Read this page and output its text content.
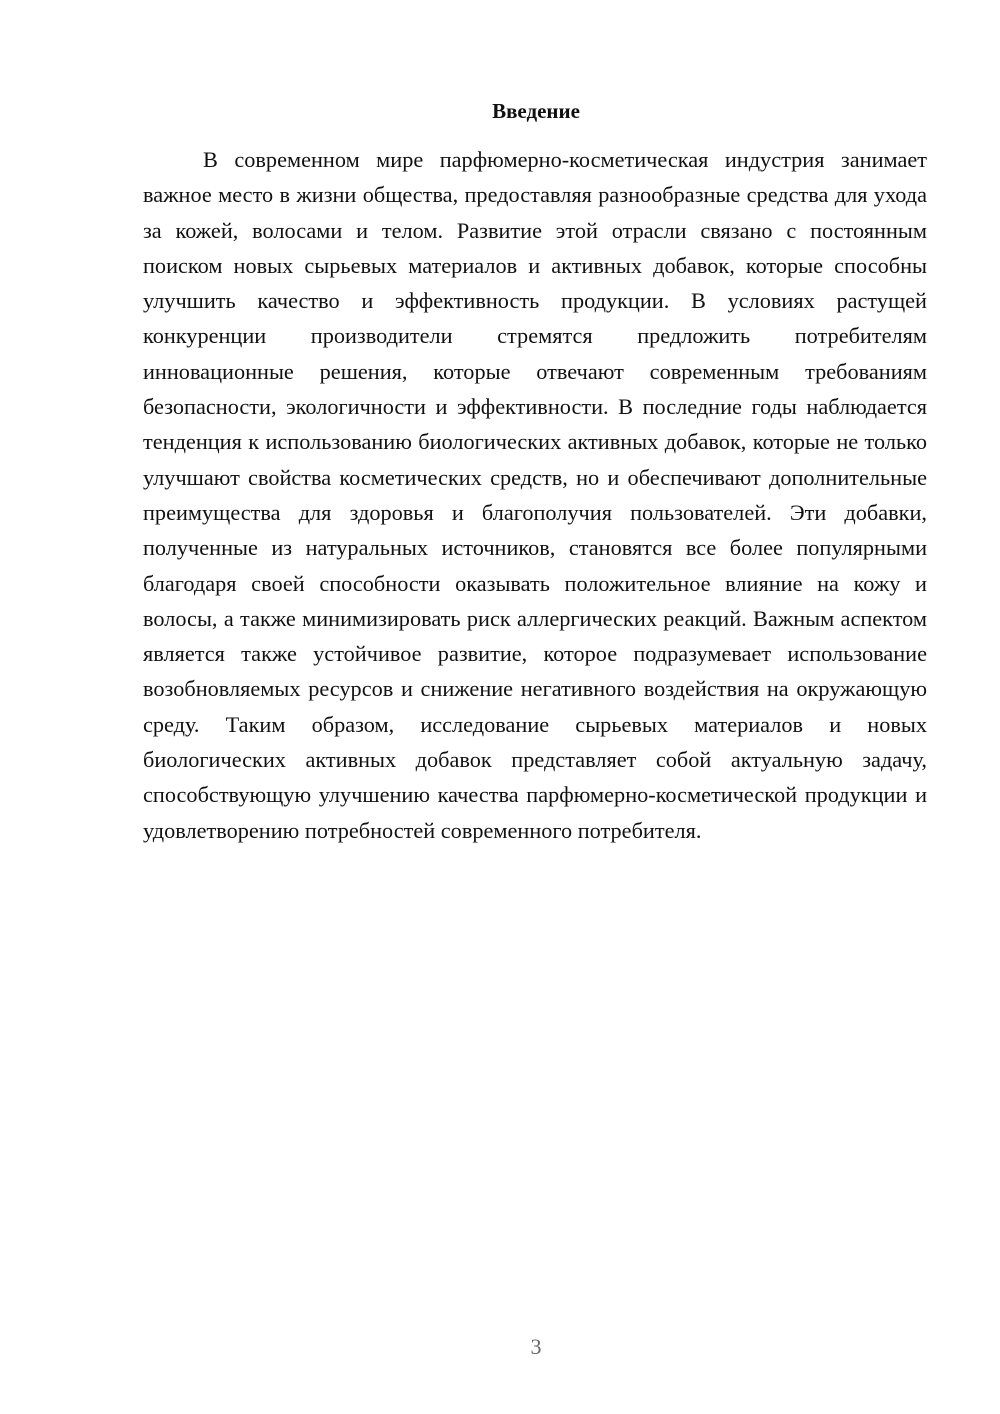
Введение

В современном мире парфюмерно-косметическая индустрия занимает важное место в жизни общества, предоставляя разнообразные средства для ухода за кожей, волосами и телом. Развитие этой отрасли связано с постоянным поиском новых сырьевых материалов и активных добавок, которые способны улучшить качество и эффективность продукции. В условиях растущей конкуренции производители стремятся предложить потребителям инновационные решения, которые отвечают современным требованиям безопасности, экологичности и эффективности. В последние годы наблюдается тенденция к использованию биологических активных добавок, которые не только улучшают свойства косметических средств, но и обеспечивают дополнительные преимущества для здоровья и благополучия пользователей. Эти добавки, полученные из натуральных источников, становятся все более популярными благодаря своей способности оказывать положительное влияние на кожу и волосы, а также минимизировать риск аллергических реакций. Важным аспектом является также устойчивое развитие, которое подразумевает использование возобновляемых ресурсов и снижение негативного воздействия на окружающую среду. Таким образом, исследование сырьевых материалов и новых биологических активных добавок представляет собой актуальную задачу, способствующую улучшению качества парфюмерно-косметической продукции и удовлетворению потребностей современного потребителя.

3
